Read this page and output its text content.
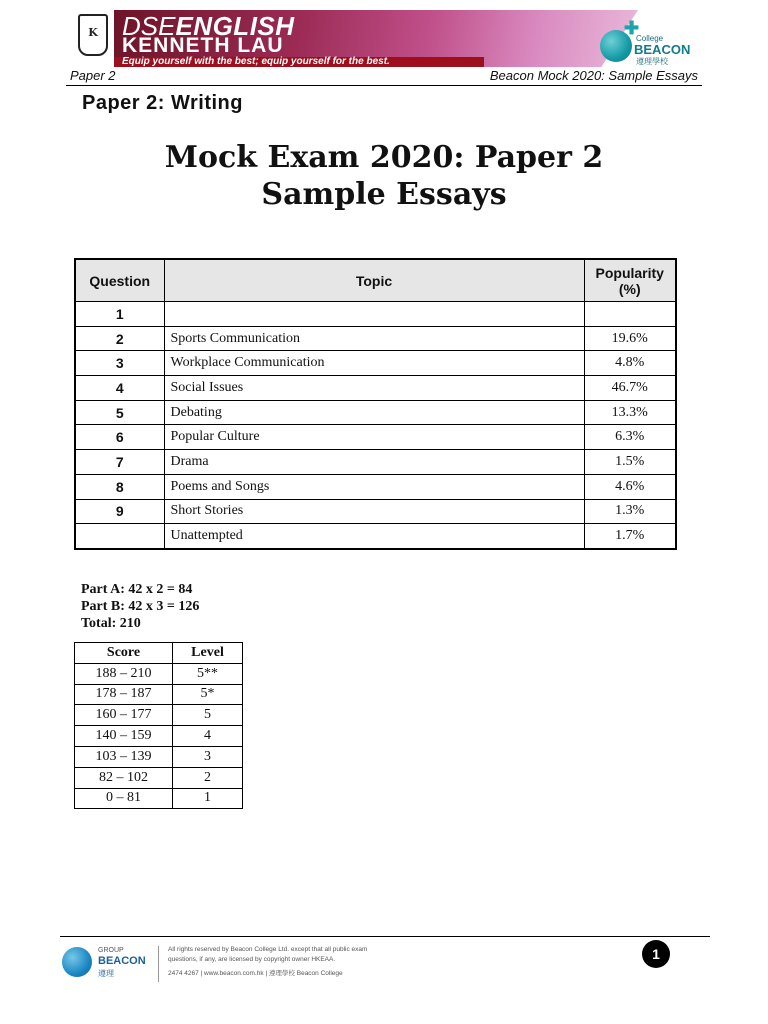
K DSEENGLISH
KENNETH LAU
Equip yourself with the best; equip yourself for the best.
✚
College
BEACON
遵理學校
Paper 2	Beacon Mock 2020: Sample Essays
Paper 2: Writing
Mock Exam 2020: Paper 2
Sample Essays
Question	Topic	Popularity (%)
1		
2	Sports Communication	19.6%
3	Workplace Communication	4.8%
4	Social Issues	46.7%
5	Debating	13.3%
6	Popular Culture	6.3%
7	Drama	1.5%
8	Poems and Songs	4.6%
9	Short Stories	1.3%
	Unattempted	1.7%
Part A: 42 x 2 = 84
Part B: 42 x 3 = 126
Total: 210
Score	Level
188 – 210	5**
178 – 187	5*
160 – 177	5
140 – 159	4
103 – 139	3
82 – 102	2
0 – 81	1
GROUP
BEACON
遵理
All rights reserved by Beacon College Ltd. except that all public exam
questions, if any, are licensed by copyright owner HKEAA.
2474 4267 | www.beacon.com.hk | 遵理學校 Beacon College
1
